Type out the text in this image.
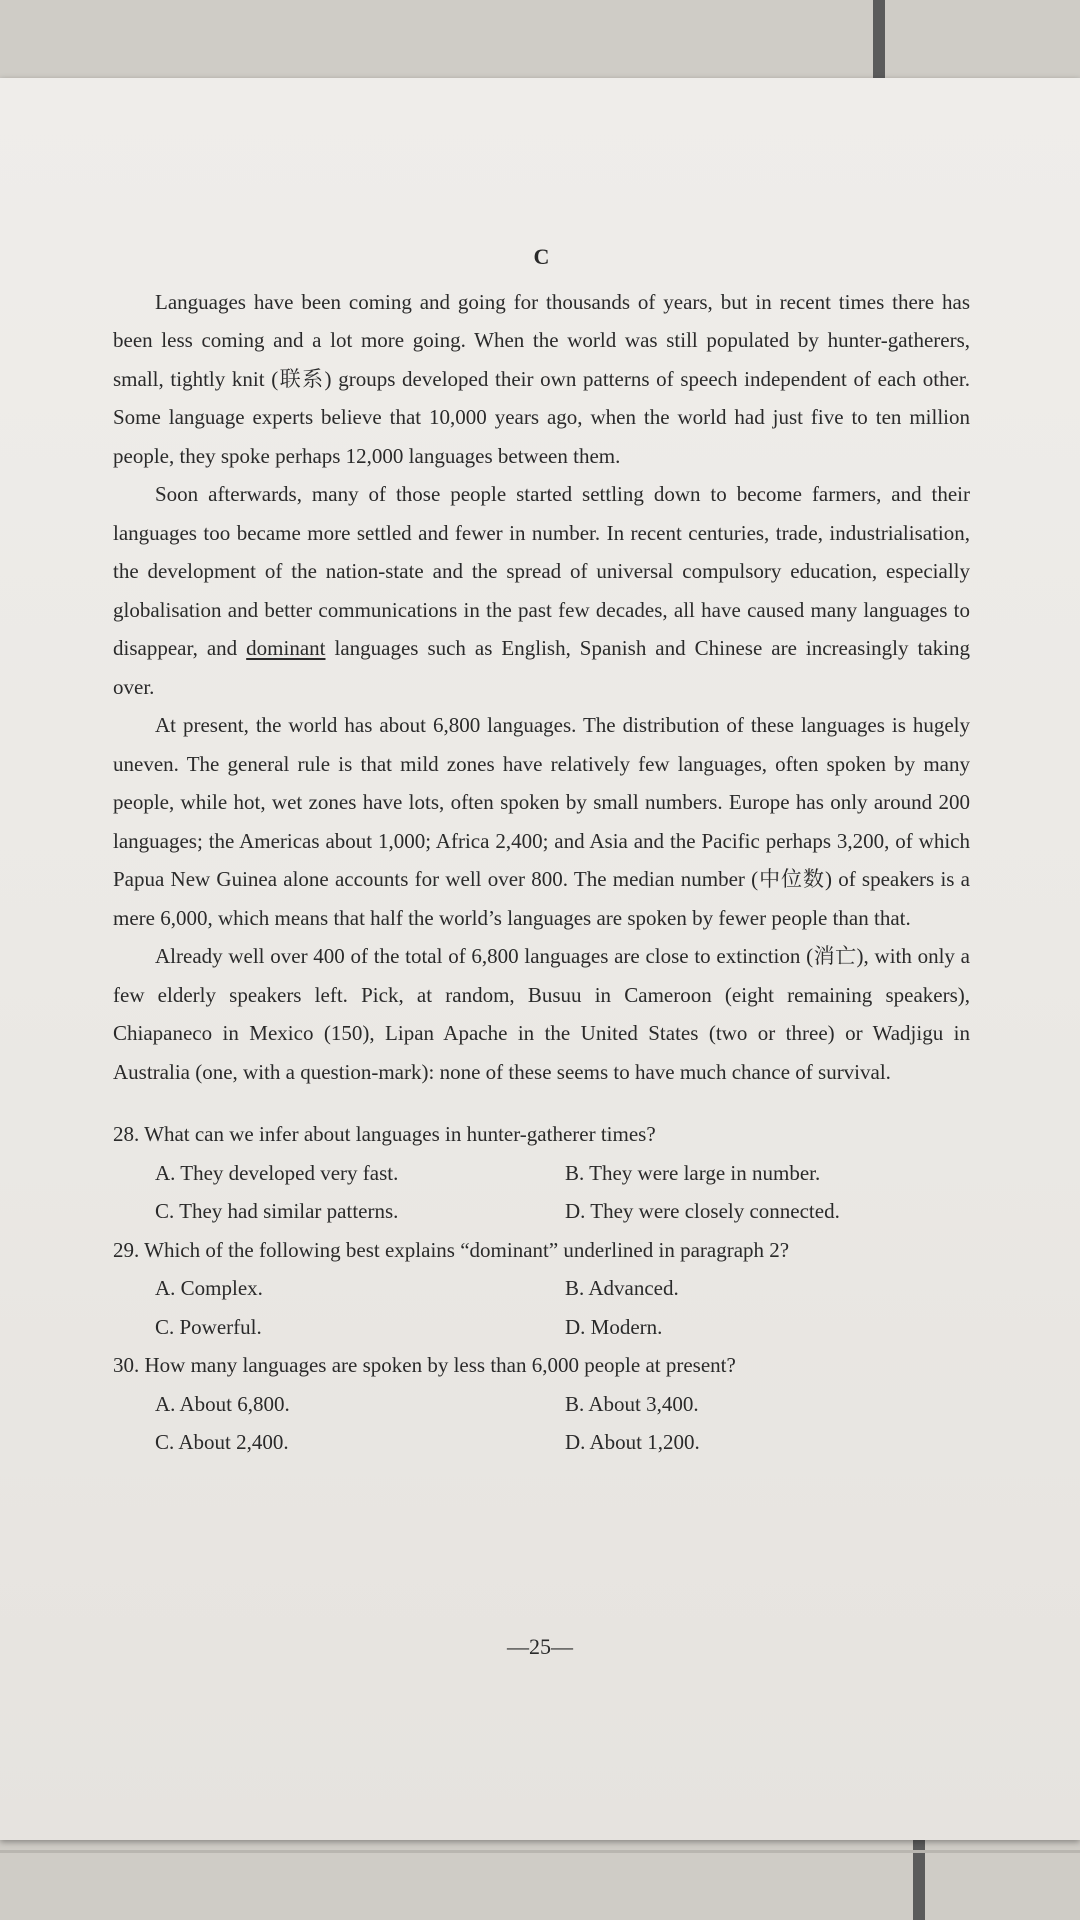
C

Languages have been coming and going for thousands of years, but in recent times there has been less coming and a lot more going. When the world was still populated by hunter-gatherers, small, tightly knit (联系) groups developed their own patterns of speech independent of each other. Some language experts believe that 10,000 years ago, when the world had just five to ten million people, they spoke perhaps 12,000 languages between them.

Soon afterwards, many of those people started settling down to become farmers, and their languages too became more settled and fewer in number. In recent centuries, trade, industrialisation, the development of the nation-state and the spread of universal compulsory education, especially globalisation and better communications in the past few decades, all have caused many languages to disappear, and dominant languages such as English, Spanish and Chinese are increasingly taking over.

At present, the world has about 6,800 languages. The distribution of these languages is hugely uneven. The general rule is that mild zones have relatively few languages, often spoken by many people, while hot, wet zones have lots, often spoken by small numbers. Europe has only around 200 languages; the Americas about 1,000; Africa 2,400; and Asia and the Pacific perhaps 3,200, of which Papua New Guinea alone accounts for well over 800. The median number (中位数) of speakers is a mere 6,000, which means that half the world’s languages are spoken by fewer people than that.

Already well over 400 of the total of 6,800 languages are close to extinction (消亡), with only a few elderly speakers left. Pick, at random, Busuu in Cameroon (eight remaining speakers), Chiapaneco in Mexico (150), Lipan Apache in the United States (two or three) or Wadjigu in Australia (one, with a question-mark): none of these seems to have much chance of survival.

28. What can we infer about languages in hunter-gatherer times?

A. They developed very fast.	B. They were large in number.

C. They had similar patterns.	D. They were closely connected.

29. Which of the following best explains “dominant” underlined in paragraph 2?

A. Complex.	B. Advanced.

C. Powerful.	D. Modern.

30. How many languages are spoken by less than 6,000 people at present?

A. About 6,800.	B. About 3,400.

C. About 2,400.	D. About 1,200.

—25—
